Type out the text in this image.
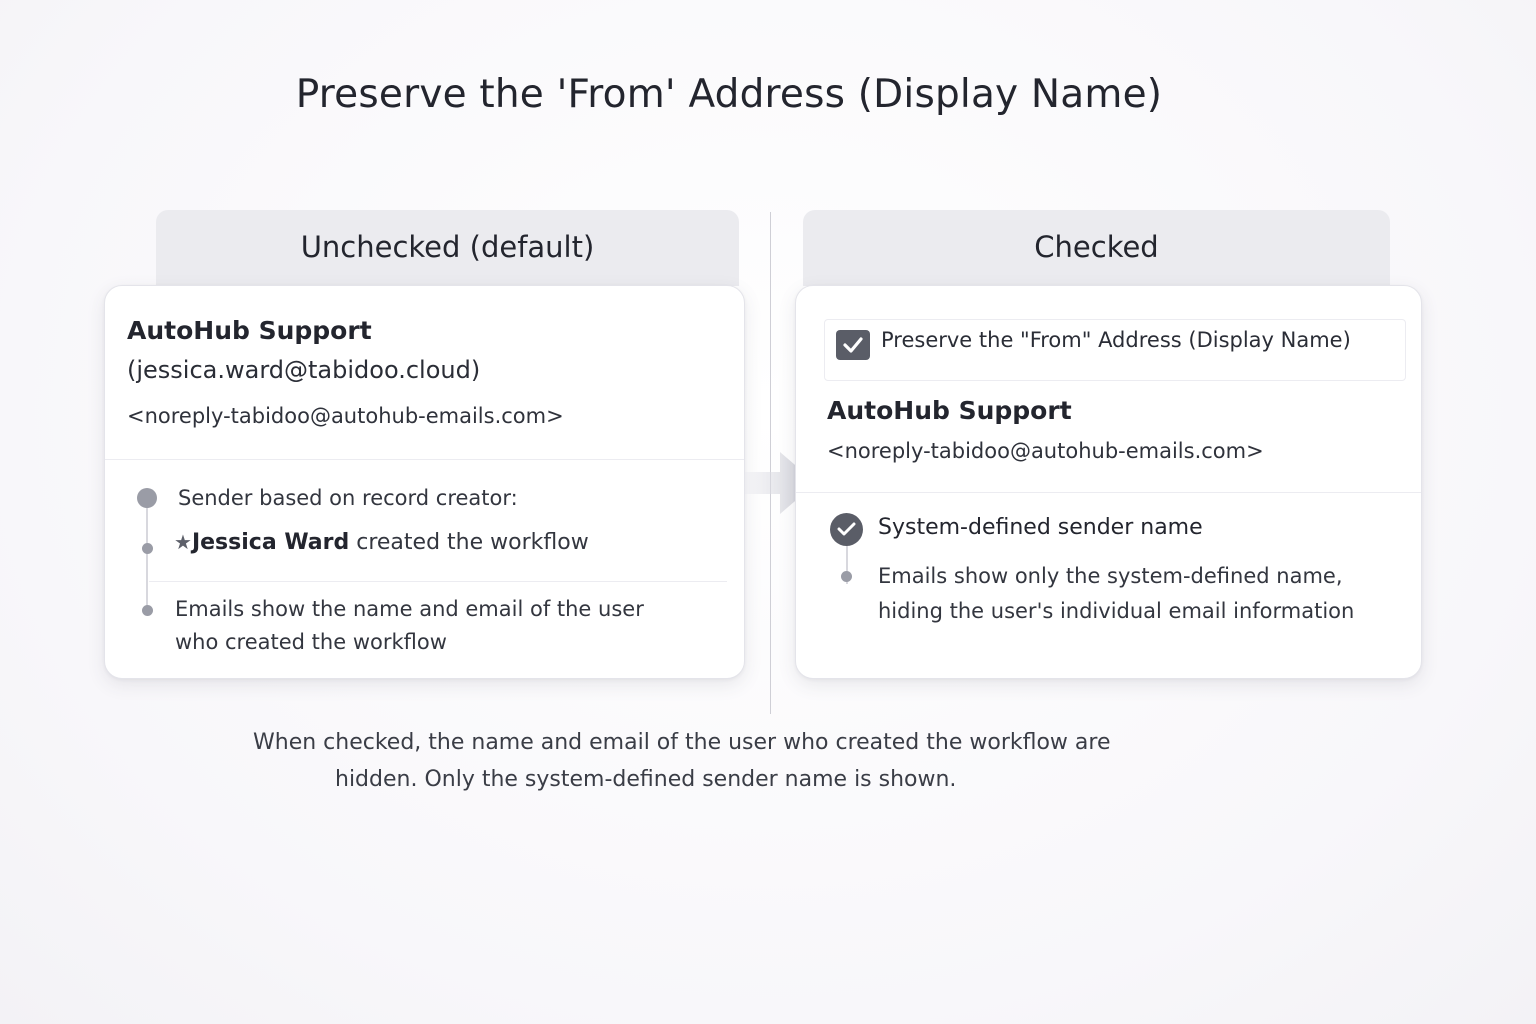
Preserve the 'From' Address (Display Name)
Unchecked (default)
AutoHub Support
(jessica.ward@tabidoo.cloud)
<noreply-tabidoo@autohub-emails.com>
Sender based on record creator:
★Jessica Ward created the workflow
Emails show the name and email of the user
who created the workflow
Checked
Preserve the "From" Address (Display Name)
AutoHub Support
<noreply-tabidoo@autohub-emails.com>
System-defined sender name
Emails show only the system-defined name,
hiding the user's individual email information
When checked, the name and email of the user who created the workflow are
hidden. Only the system-defined sender name is shown.
